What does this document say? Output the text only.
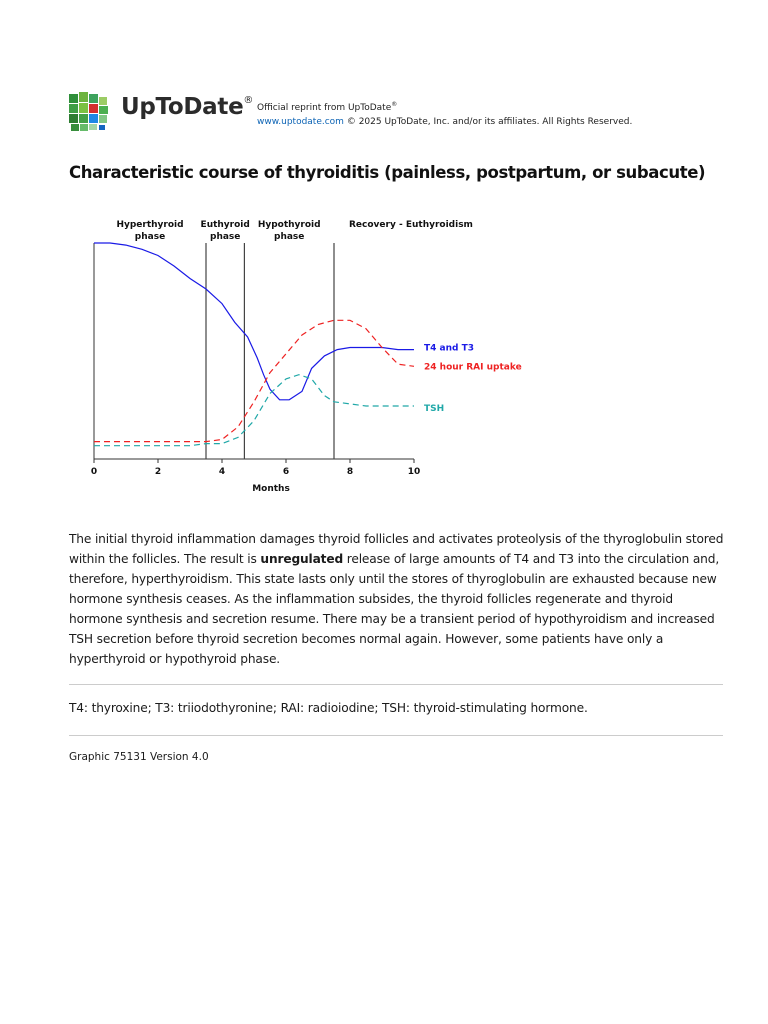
UpToDate®
Official reprint from UpToDate®
www.uptodate.com © 2025 UpToDate, Inc. and/or its affiliates. All Rights Reserved.
Characteristic course of thyroiditis (painless, postpartum, or subacute)
0	2	4	6	8	10
Months
Hyperthyroid
phase
Euthyroid
phase
Hypothyroid
phase
Recovery - Euthyroidism
T4 and T3
24 hour RAI uptake
TSH
The initial thyroid inflammation damages thyroid follicles and activates proteolysis of the thyroglobulin stored within the follicles. The result is unregulated release of large amounts of T4 and T3 into the circulation and, therefore, hyperthyroidism. This state lasts only until the stores of thyroglobulin are exhausted because new hormone synthesis ceases. As the inflammation subsides, the thyroid follicles regenerate and thyroid hormone synthesis and secretion resume. There may be a transient period of hypothyroidism and increased TSH secretion before thyroid secretion becomes normal again. However, some patients have only a hyperthyroid or hypothyroid phase.
T4: thyroxine; T3: triiodothyronine; RAI: radioiodine; TSH: thyroid-stimulating hormone.
Graphic 75131 Version 4.0
